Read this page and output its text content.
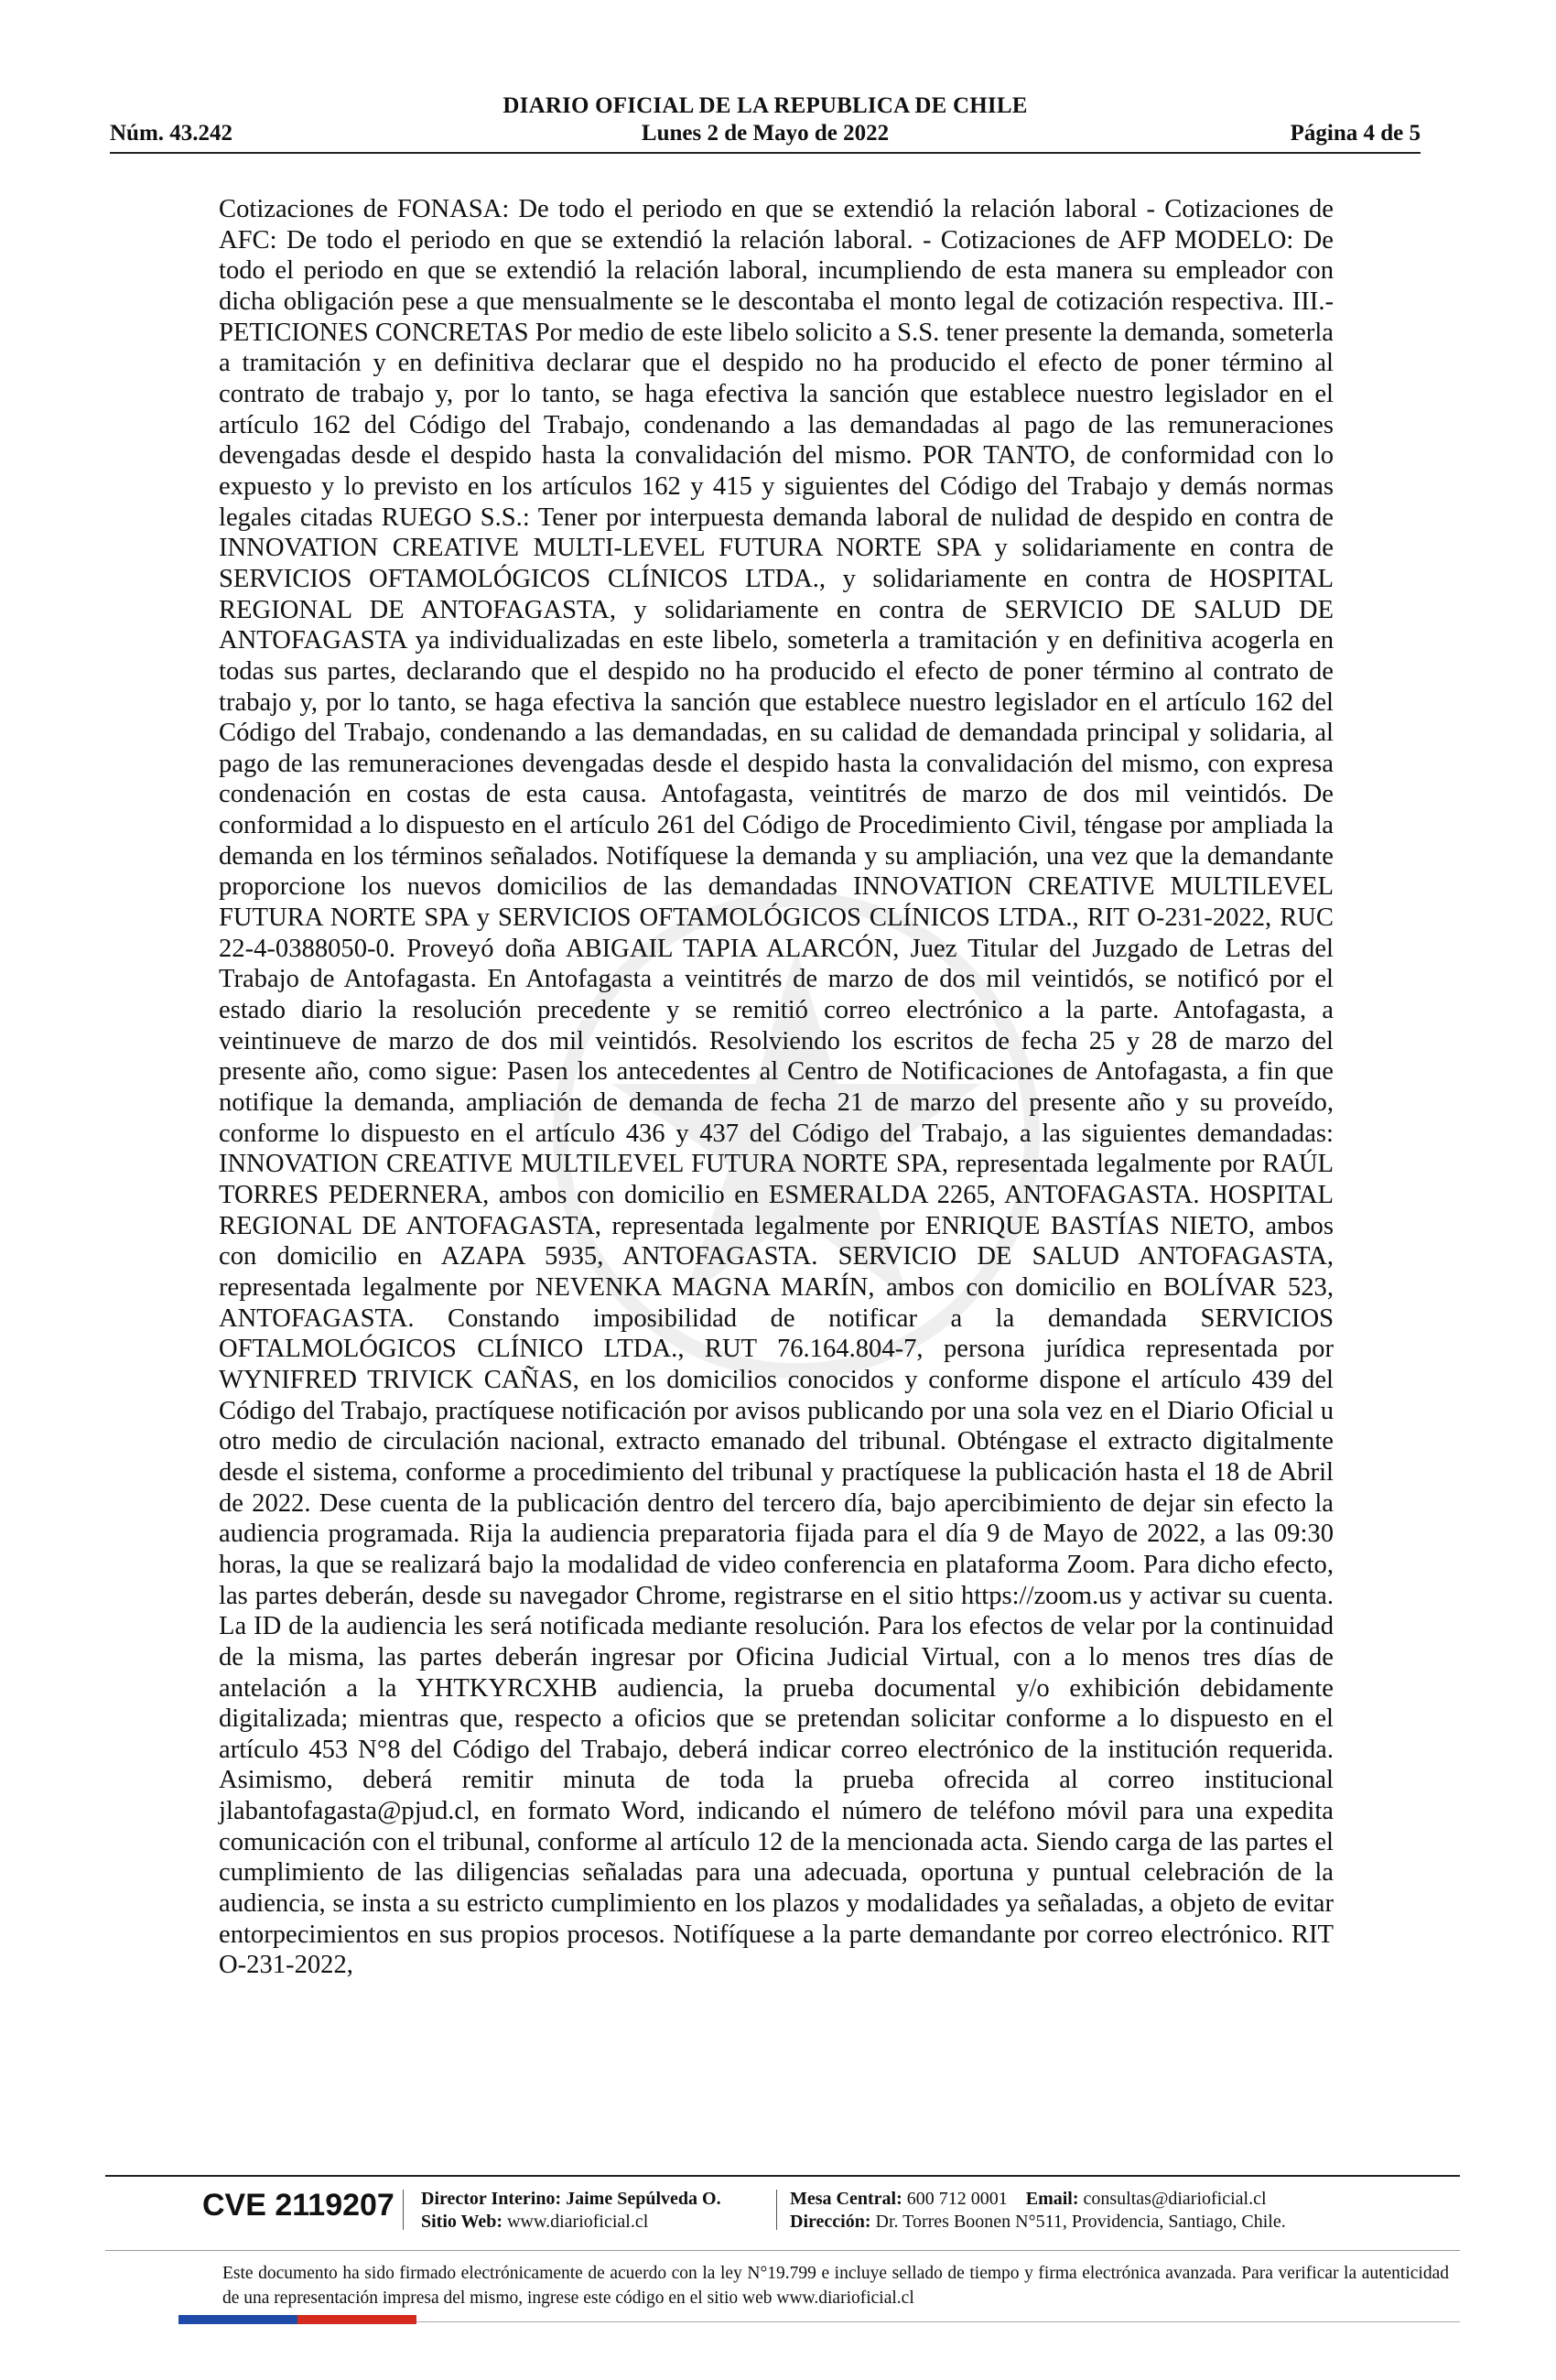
DIARIO OFICIAL DE LA REPUBLICA DE CHILE
Núm. 43.242	Lunes 2 de Mayo de 2022	Página 4 de 5
Cotizaciones de FONASA: De todo el periodo en que se extendió la relación laboral - Cotizaciones de AFC: De todo el periodo en que se extendió la relación laboral. - Cotizaciones de AFP MODELO: De todo el periodo en que se extendió la relación laboral, incumpliendo de esta manera su empleador con dicha obligación pese a que mensualmente se le descontaba el monto legal de cotización respectiva. III.- PETICIONES CONCRETAS Por medio de este libelo solicito a S.S. tener presente la demanda, someterla a tramitación y en definitiva declarar que el despido no ha producido el efecto de poner término al contrato de trabajo y, por lo tanto, se haga efectiva la sanción que establece nuestro legislador en el artículo 162 del Código del Trabajo, condenando a las demandadas al pago de las remuneraciones devengadas desde el despido hasta la convalidación del mismo. POR TANTO, de conformidad con lo expuesto y lo previsto en los artículos 162 y 415 y siguientes del Código del Trabajo y demás normas legales citadas RUEGO S.S.: Tener por interpuesta demanda laboral de nulidad de despido en contra de INNOVATION CREATIVE MULTI-LEVEL FUTURA NORTE SPA y solidariamente en contra de SERVICIOS OFTAMOLÓGICOS CLÍNICOS LTDA., y solidariamente en contra de HOSPITAL REGIONAL DE ANTOFAGASTA, y solidariamente en contra de SERVICIO DE SALUD DE ANTOFAGASTA ya individualizadas en este libelo, someterla a tramitación y en definitiva acogerla en todas sus partes, declarando que el despido no ha producido el efecto de poner término al contrato de trabajo y, por lo tanto, se haga efectiva la sanción que establece nuestro legislador en el artículo 162 del Código del Trabajo, condenando a las demandadas, en su calidad de demandada principal y solidaria, al pago de las remuneraciones devengadas desde el despido hasta la convalidación del mismo, con expresa condenación en costas de esta causa. Antofagasta, veintitrés de marzo de dos mil veintidós. De conformidad a lo dispuesto en el artículo 261 del Código de Procedimiento Civil, téngase por ampliada la demanda en los términos señalados. Notifíquese la demanda y su ampliación, una vez que la demandante proporcione los nuevos domicilios de las demandadas INNOVATION CREATIVE MULTILEVEL FUTURA NORTE SPA y SERVICIOS OFTAMOLÓGICOS CLÍNICOS LTDA., RIT O-231-2022, RUC 22-4-0388050-0. Proveyó doña ABIGAIL TAPIA ALARCÓN, Juez Titular del Juzgado de Letras del Trabajo de Antofagasta. En Antofagasta a veintitrés de marzo de dos mil veintidós, se notificó por el estado diario la resolución precedente y se remitió correo electrónico a la parte. Antofagasta, a veintinueve de marzo de dos mil veintidós. Resolviendo los escritos de fecha 25 y 28 de marzo del presente año, como sigue: Pasen los antecedentes al Centro de Notificaciones de Antofagasta, a fin que notifique la demanda, ampliación de demanda de fecha 21 de marzo del presente año y su proveído, conforme lo dispuesto en el artículo 436 y 437 del Código del Trabajo, a las siguientes demandadas: INNOVATION CREATIVE MULTILEVEL FUTURA NORTE SPA, representada legalmente por RAÚL TORRES PEDERNERA, ambos con domicilio en ESMERALDA 2265, ANTOFAGASTA. HOSPITAL REGIONAL DE ANTOFAGASTA, representada legalmente por ENRIQUE BASTÍAS NIETO, ambos con domicilio en AZAPA 5935, ANTOFAGASTA. SERVICIO DE SALUD ANTOFAGASTA, representada legalmente por NEVENKA MAGNA MARÍN, ambos con domicilio en BOLÍVAR 523, ANTOFAGASTA. Constando imposibilidad de notificar a la demandada SERVICIOS OFTALMOLÓGICOS CLÍNICO LTDA., RUT 76.164.804-7, persona jurídica representada por WYNIFRED TRIVICK CAÑAS, en los domicilios conocidos y conforme dispone el artículo 439 del Código del Trabajo, practíquese notificación por avisos publicando por una sola vez en el Diario Oficial u otro medio de circulación nacional, extracto emanado del tribunal. Obténgase el extracto digitalmente desde el sistema, conforme a procedimiento del tribunal y practíquese la publicación hasta el 18 de Abril de 2022. Dese cuenta de la publicación dentro del tercero día, bajo apercibimiento de dejar sin efecto la audiencia programada. Rija la audiencia preparatoria fijada para el día 9 de Mayo de 2022, a las 09:30 horas, la que se realizará bajo la modalidad de video conferencia en plataforma Zoom. Para dicho efecto, las partes deberán, desde su navegador Chrome, registrarse en el sitio https://zoom.us y activar su cuenta. La ID de la audiencia les será notificada mediante resolución. Para los efectos de velar por la continuidad de la misma, las partes deberán ingresar por Oficina Judicial Virtual, con a lo menos tres días de antelación a la YHTKYRCXHB audiencia, la prueba documental y/o exhibición debidamente digitalizada; mientras que, respecto a oficios que se pretendan solicitar conforme a lo dispuesto en el artículo 453 N°8 del Código del Trabajo, deberá indicar correo electrónico de la institución requerida. Asimismo, deberá remitir minuta de toda la prueba ofrecida al correo institucional jlabantofagasta@pjud.cl, en formato Word, indicando el número de teléfono móvil para una expedita comunicación con el tribunal, conforme al artículo 12 de la mencionada acta. Siendo carga de las partes el cumplimiento de las diligencias señaladas para una adecuada, oportuna y puntual celebración de la audiencia, se insta a su estricto cumplimiento en los plazos y modalidades ya señaladas, a objeto de evitar entorpecimientos en sus propios procesos. Notifíquese a la parte demandante por correo electrónico. RIT O-231-2022,
CVE 2119207 Director Interino: Jaime Sepúlveda O.
Sitio Web: www.diarioficial.cl
Mesa Central: 600 712 0001 Email: consultas@diarioficial.cl
Dirección: Dr. Torres Boonen N°511, Providencia, Santiago, Chile.
Este documento ha sido firmado electrónicamente de acuerdo con la ley N°19.799 e incluye sellado de tiempo y firma electrónica avanzada. Para verificar la autenticidad de una representación impresa del mismo, ingrese este código en el sitio web www.diarioficial.cl
